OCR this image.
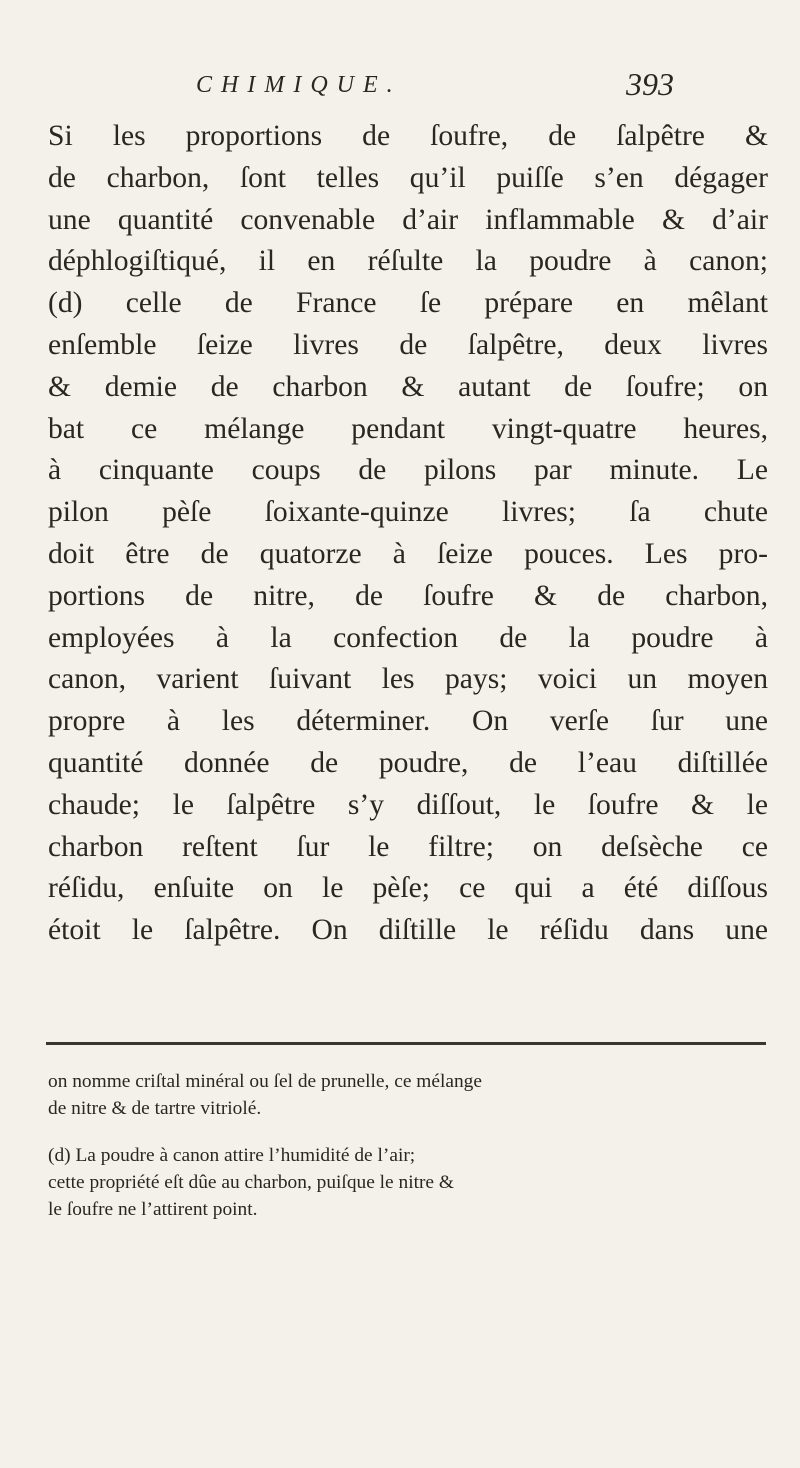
CHIMIQUE.	393
Si les proportions de ſoufre, de ſalpêtre &
de charbon, ſont telles qu’il puiſſe s’en dégager
une quantité convenable d’air inflammable & d’air
déphlogiſtiqué, il en réſulte la poudre à canon;
(d) celle de France ſe prépare en mêlant
enſemble ſeize livres de ſalpêtre, deux livres
& demie de charbon & autant de ſoufre; on
bat ce mélange pendant vingt-quatre heures,
à cinquante coups de pilons par minute. Le
pilon pèſe ſoixante-quinze livres; ſa chute
doit être de quatorze à ſeize pouces. Les pro-
portions de nitre, de ſoufre & de charbon,
employées à la confection de la poudre à
canon, varient ſuivant les pays; voici un moyen
propre à les déterminer. On verſe ſur une
quantité donnée de poudre, de l’eau diſtillée
chaude; le ſalpêtre s’y diſſout, le ſoufre & le
charbon reſtent ſur le filtre; on deſsèche ce
réſidu, enſuite on le pèſe; ce qui a été diſſous
étoit le ſalpêtre. On diſtille le réſidu dans une
on nomme criſtal minéral ou ſel de prunelle, ce mélange
de nitre & de tartre vitriolé.
(d) La poudre à canon attire l’humidité de l’air;
cette propriété eſt dûe au charbon, puiſque le nitre &
le ſoufre ne l’attirent point.
